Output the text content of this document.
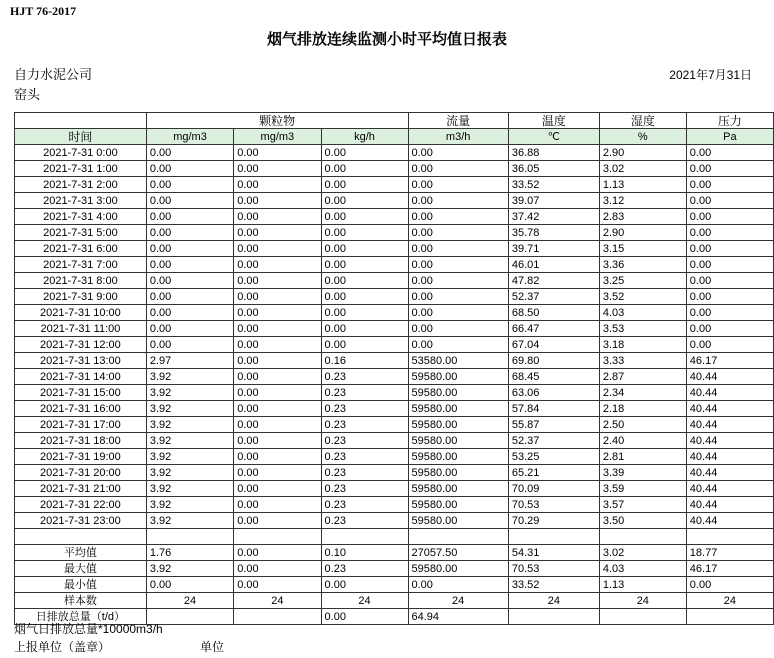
HJT 76-2017
烟气排放连续监测小时平均值日报表
自力水泥公司
窑头
2021年7月31日
	颗粒物			流量	温度	湿度	压力
时间	mg/m3	mg/m3	kg/h	m3/h	℃	%	Pa
2021-7-31 0:00	0.00	0.00	0.00	0.00	36.88	2.90	0.00
2021-7-31 1:00	0.00	0.00	0.00	0.00	36.05	3.02	0.00
2021-7-31 2:00	0.00	0.00	0.00	0.00	33.52	1.13	0.00
2021-7-31 3:00	0.00	0.00	0.00	0.00	39.07	3.12	0.00
2021-7-31 4:00	0.00	0.00	0.00	0.00	37.42	2.83	0.00
2021-7-31 5:00	0.00	0.00	0.00	0.00	35.78	2.90	0.00
2021-7-31 6:00	0.00	0.00	0.00	0.00	39.71	3.15	0.00
2021-7-31 7:00	0.00	0.00	0.00	0.00	46.01	3.36	0.00
2021-7-31 8:00	0.00	0.00	0.00	0.00	47.82	3.25	0.00
2021-7-31 9:00	0.00	0.00	0.00	0.00	52.37	3.52	0.00
2021-7-31 10:00	0.00	0.00	0.00	0.00	68.50	4.03	0.00
2021-7-31 11:00	0.00	0.00	0.00	0.00	66.47	3.53	0.00
2021-7-31 12:00	0.00	0.00	0.00	0.00	67.04	3.18	0.00
2021-7-31 13:00	2.97	0.00	0.16	53580.00	69.80	3.33	46.17
2021-7-31 14:00	3.92	0.00	0.23	59580.00	68.45	2.87	40.44
2021-7-31 15:00	3.92	0.00	0.23	59580.00	63.06	2.34	40.44
2021-7-31 16:00	3.92	0.00	0.23	59580.00	57.84	2.18	40.44
2021-7-31 17:00	3.92	0.00	0.23	59580.00	55.87	2.50	40.44
2021-7-31 18:00	3.92	0.00	0.23	59580.00	52.37	2.40	40.44
2021-7-31 19:00	3.92	0.00	0.23	59580.00	53.25	2.81	40.44
2021-7-31 20:00	3.92	0.00	0.23	59580.00	65.21	3.39	40.44
2021-7-31 21:00	3.92	0.00	0.23	59580.00	70.09	3.59	40.44
2021-7-31 22:00	3.92	0.00	0.23	59580.00	70.53	3.57	40.44
2021-7-31 23:00	3.92	0.00	0.23	59580.00	70.29	3.50	40.44

平均值	1.76	0.00	0.10	27057.50	54.31	3.02	18.77
最大值	3.92	0.00	0.23	59580.00	70.53	4.03	46.17
最小值	0.00	0.00	0.00	0.00	33.52	1.13	0.00
样本数	24	24	24	24	24	24	24
日排放总量（t/d）			0.00	64.94			
烟气日排放总量*10000m3/h
上报单位（盖章）	单位
